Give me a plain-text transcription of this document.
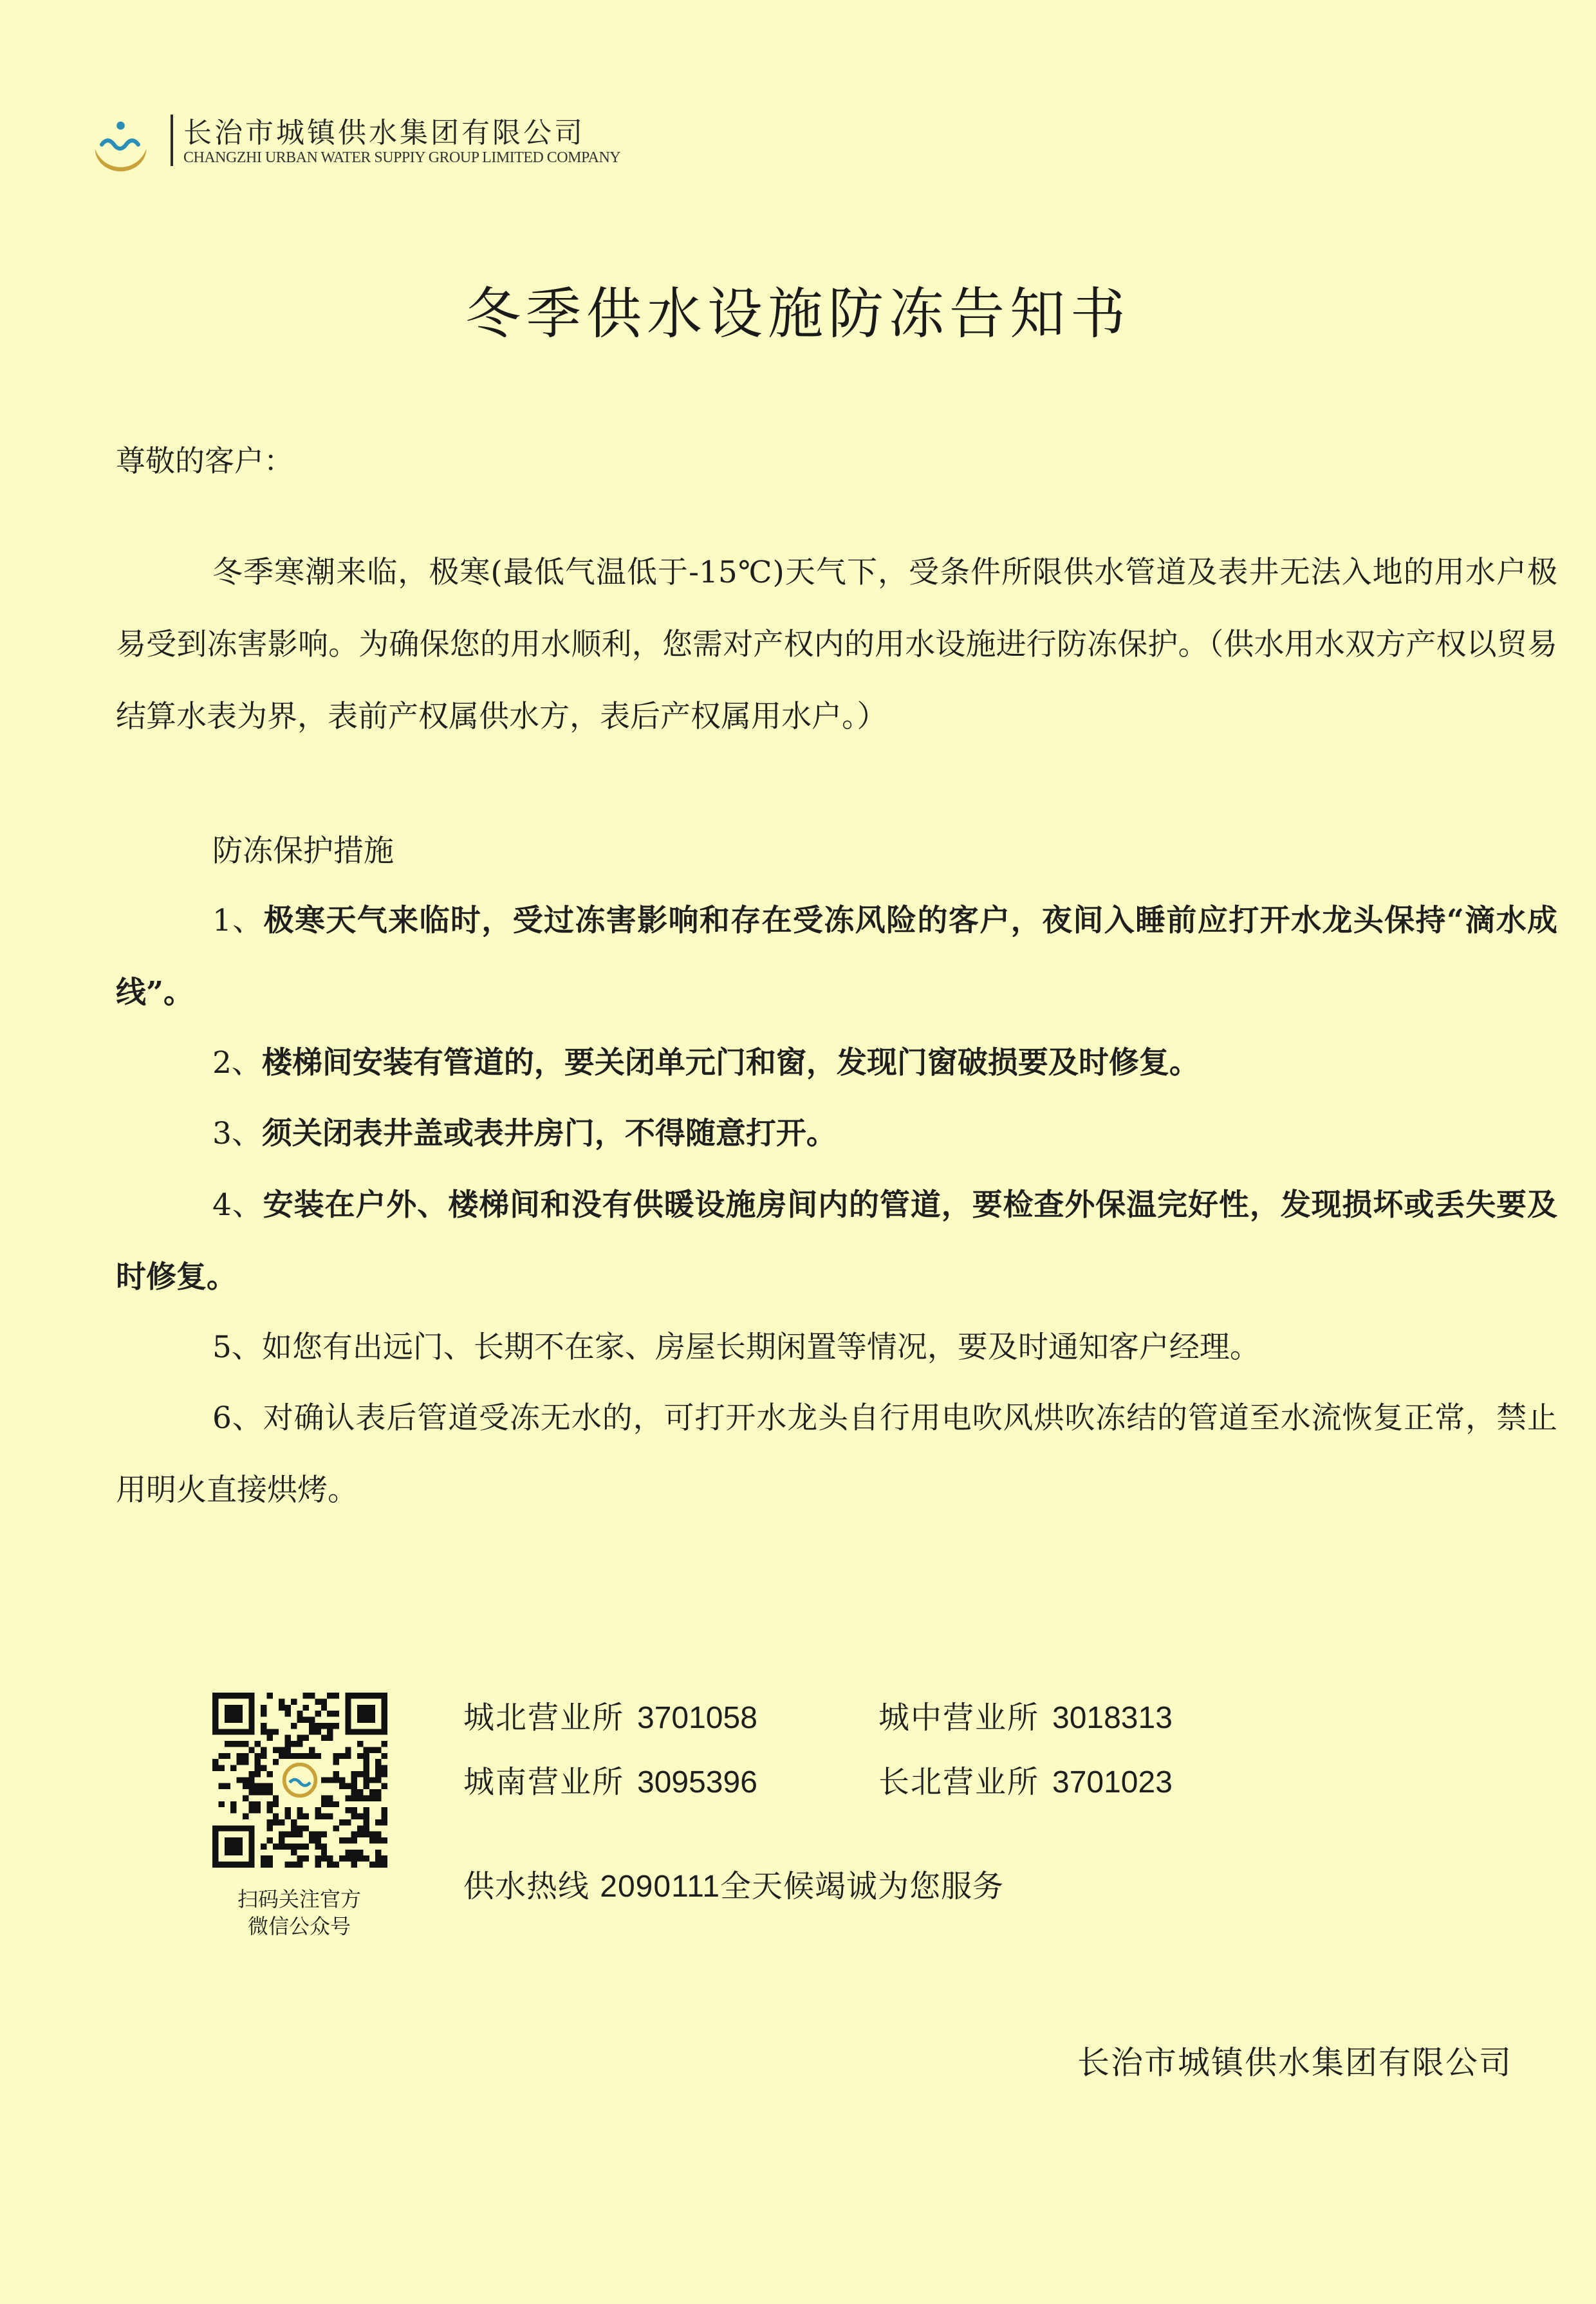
长治市城镇供水集团有限公司
CHANGZHI URBAN WATER SUPPIY GROUP LIMITED COMPANY
冬季供水设施防冻告知书
尊敬的客户：

冬季寒潮来临，极寒(最低气温低于-15℃)天气下，受条件所限供水管道及表井无法入地的用水户极易受到冻害影响。为确保您的用水顺利，您需对产权内的用水设施进行防冻保护。（供水用水双方产权以贸易结算水表为界，表前产权属供水方，表后产权属用水户。）

防冻保护措施

1、极寒天气来临时，受过冻害影响和存在受冻风险的客户，夜间入睡前应打开水龙头保持“滴水成线”。

2、楼梯间安装有管道的，要关闭单元门和窗，发现门窗破损要及时修复。

3、须关闭表井盖或表井房门，不得随意打开。

4、安装在户外、楼梯间和没有供暖设施房间内的管道，要检查外保温完好性，发现损坏或丢失要及时修复。

5、如您有出远门、长期不在家、房屋长期闲置等情况，要及时通知客户经理。

6、对确认表后管道受冻无水的，可打开水龙头自行用电吹风烘吹冻结的管道至水流恢复正常，禁止用明火直接烘烤。

扫码关注官方
微信公众号
城北营业所 3701058	城中营业所 3018313
城南营业所 3095396	长北营业所 3701023
供水热线 2090111全天候竭诚为您服务
长治市城镇供水集团有限公司
